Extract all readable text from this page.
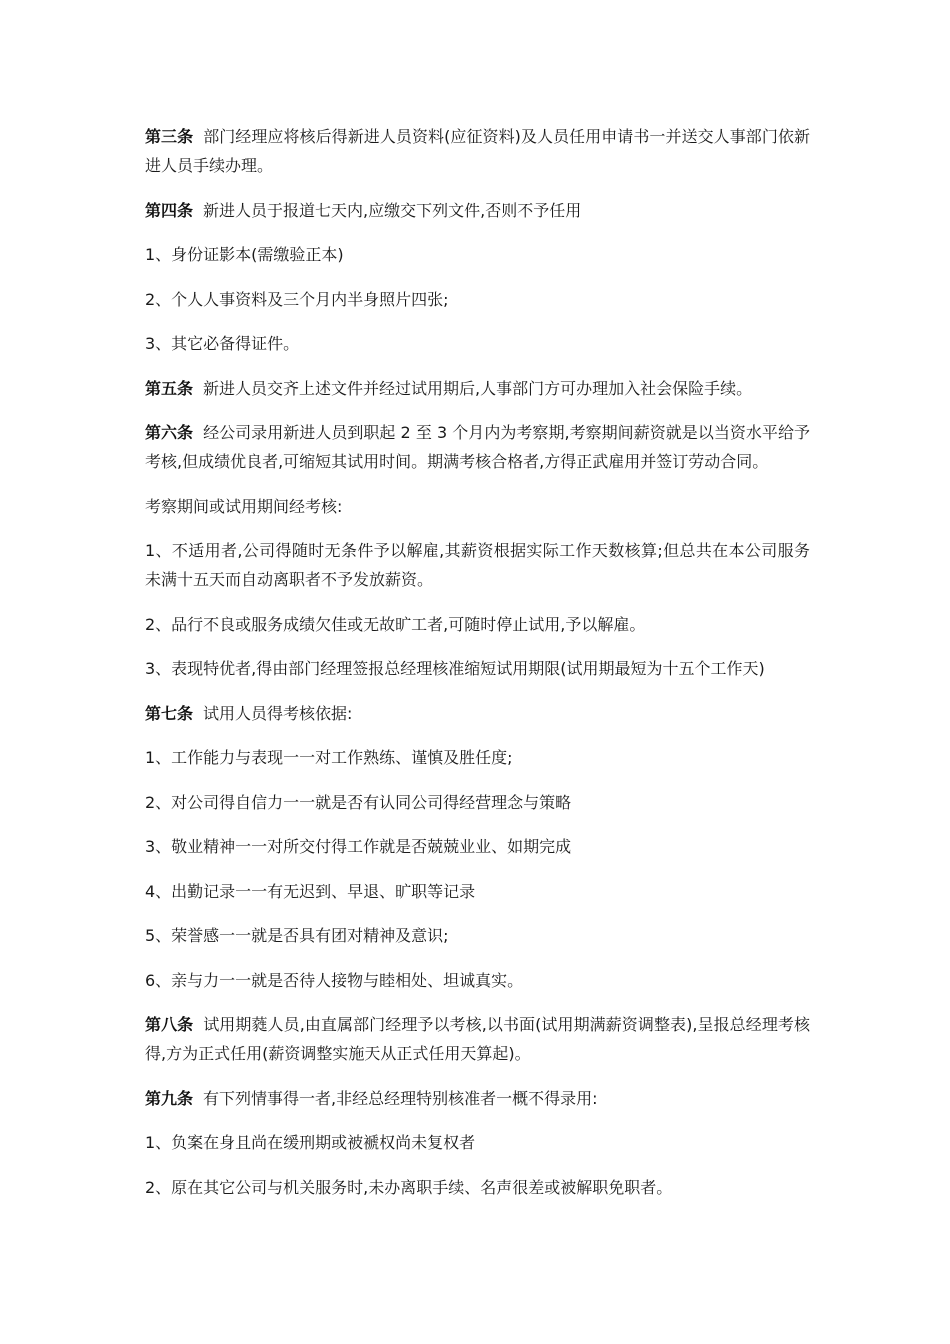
第三条 部门经理应将核后得新进人员资料(应征资料)及人员任用申请书一并送交人事部门依新进人员手续办理。

第四条 新进人员于报道七天内,应缴交下列文件,否则不予任用

1、身份证影本(需缴验正本)

2、个人人事资料及三个月内半身照片四张;

3、其它必备得证件。

第五条 新进人员交齐上述文件并经过试用期后,人事部门方可办理加入社会保险手续。

第六条 经公司录用新进人员到职起 2 至 3 个月内为考察期,考察期间薪资就是以当资水平给予考核,但成绩优良者,可缩短其试用时间。期满考核合格者,方得正武雇用并签订劳动合同。

考察期间或试用期间经考核:

1、不适用者,公司得随时无条件予以解雇,其薪资根据实际工作天数核算;但总共在本公司服务未满十五天而自动离职者不予发放薪资。

2、品行不良或服务成绩欠佳或无故旷工者,可随时停止试用,予以解雇。

3、表现特优者,得由部门经理签报总经理核准缩短试用期限(试用期最短为十五个工作天)

第七条 试用人员得考核依据:

1、工作能力与表现一一对工作熟练、谨慎及胜任度;

2、对公司得自信力一一就是否有认同公司得经营理念与策略

3、敬业精神一一对所交付得工作就是否兢兢业业、如期完成

4、出勤记录一一有无迟到、早退、旷职等记录

5、荣誉感一一就是否具有团对精神及意识;

6、亲与力一一就是否待人接物与睦相处、坦诚真实。

第八条 试用期蕤人员,由直属部门经理予以考核,以书面(试用期满薪资调整表),呈报总经理考核得,方为正式任用(薪资调整实施天从正式任用天算起)。

第九条 有下列情事得一者,非经总经理特别核准者一概不得录用:

1、负案在身且尚在缓刑期或被褫权尚未复权者

2、原在其它公司与机关服务时,未办离职手续、名声很差或被解职免职者。
